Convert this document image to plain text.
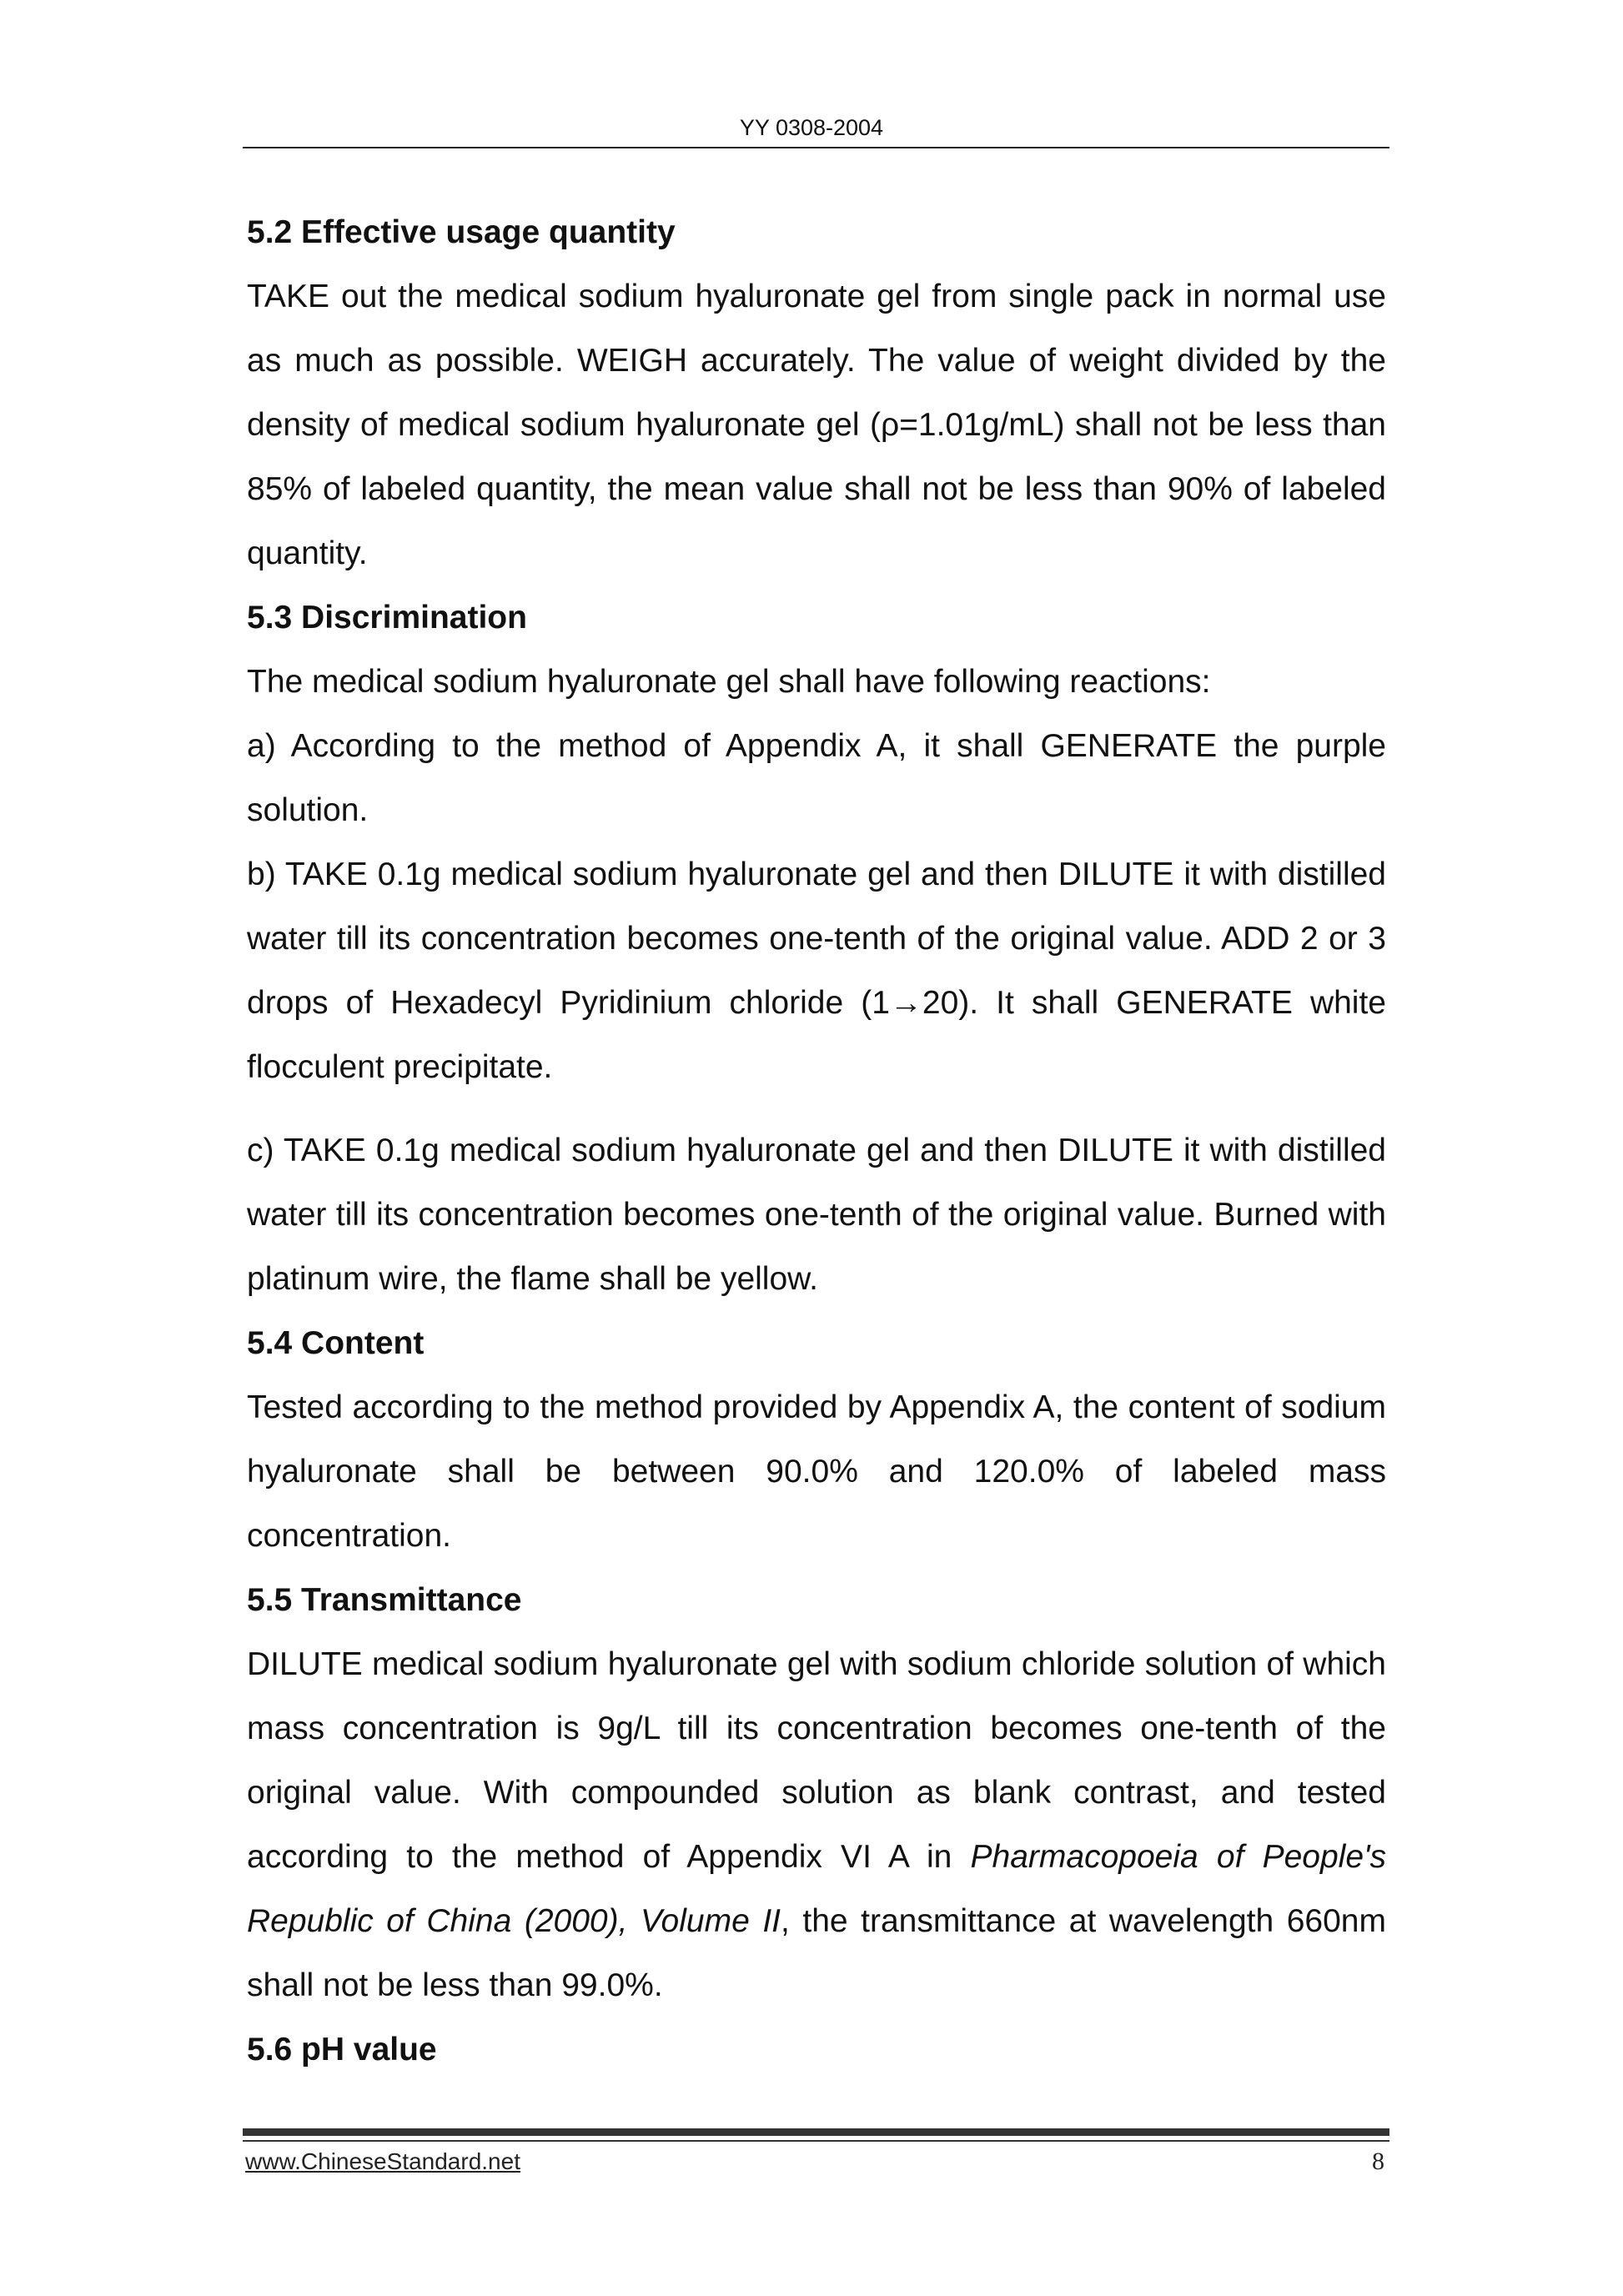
YY 0308-2004

5.2 Effective usage quantity

TAKE out the medical sodium hyaluronate gel from single pack in normal use as much as possible. WEIGH accurately. The value of weight divided by the density of medical sodium hyaluronate gel (ρ=1.01g/mL) shall not be less than 85% of labeled quantity, the mean value shall not be less than 90% of labeled quantity.

5.3 Discrimination

The medical sodium hyaluronate gel shall have following reactions:

a) According to the method of Appendix A, it shall GENERATE the purple solution.

b) TAKE 0.1g medical sodium hyaluronate gel and then DILUTE it with distilled water till its concentration becomes one-tenth of the original value. ADD 2 or 3 drops of Hexadecyl Pyridinium chloride (1→20). It shall GENERATE white flocculent precipitate.

c) TAKE 0.1g medical sodium hyaluronate gel and then DILUTE it with distilled water till its concentration becomes one-tenth of the original value. Burned with platinum wire, the flame shall be yellow.

5.4 Content

Tested according to the method provided by Appendix A, the content of sodium hyaluronate shall be between 90.0% and 120.0% of labeled mass concentration.

5.5 Transmittance

DILUTE medical sodium hyaluronate gel with sodium chloride solution of which mass concentration is 9g/L till its concentration becomes one-tenth of the original value. With compounded solution as blank contrast, and tested according to the method of Appendix VI A in Pharmacopoeia of People's Republic of China (2000), Volume II, the transmittance at wavelength 660nm shall not be less than 99.0%.

5.6 pH value

www.ChineseStandard.net	8
